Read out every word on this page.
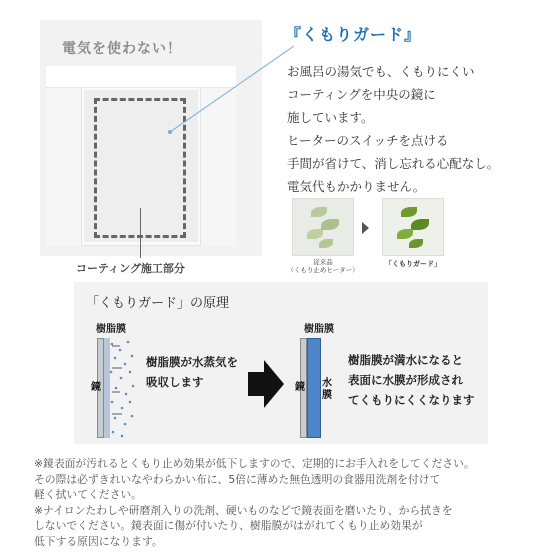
電気を使わない！
コーティング施工部分
『くもりガード』
お風呂の湯気でも、くもりにくい
コーティングを中央の鏡に
施しています。
ヒーターのスイッチを点ける
手間が省けて、消し忘れる心配なし。
電気代もかかりません。
従来品
（くもり止めヒーター）
「くもりガード」
「くもりガード」の原理
樹脂膜
鏡
樹脂膜が水蒸気を
吸収します
樹脂膜
鏡 水
膜
樹脂膜が満水になると
表面に水膜が形成され
てくもりにくくなります
※鏡表面が汚れるとくもり止め効果が低下しますので、定期的にお手入れをしてください。
その際は必ずきれいなやわらかい布に、5倍に薄めた無色透明の食器用洗剤を付けて
軽く拭いてください。
※ナイロンたわしや研磨剤入りの洗剤、硬いものなどで鏡表面を磨いたり、から拭きを
しないでください。鏡表面に傷が付いたり、樹脂膜がはがれてくもり止め効果が
低下する原因になります。
